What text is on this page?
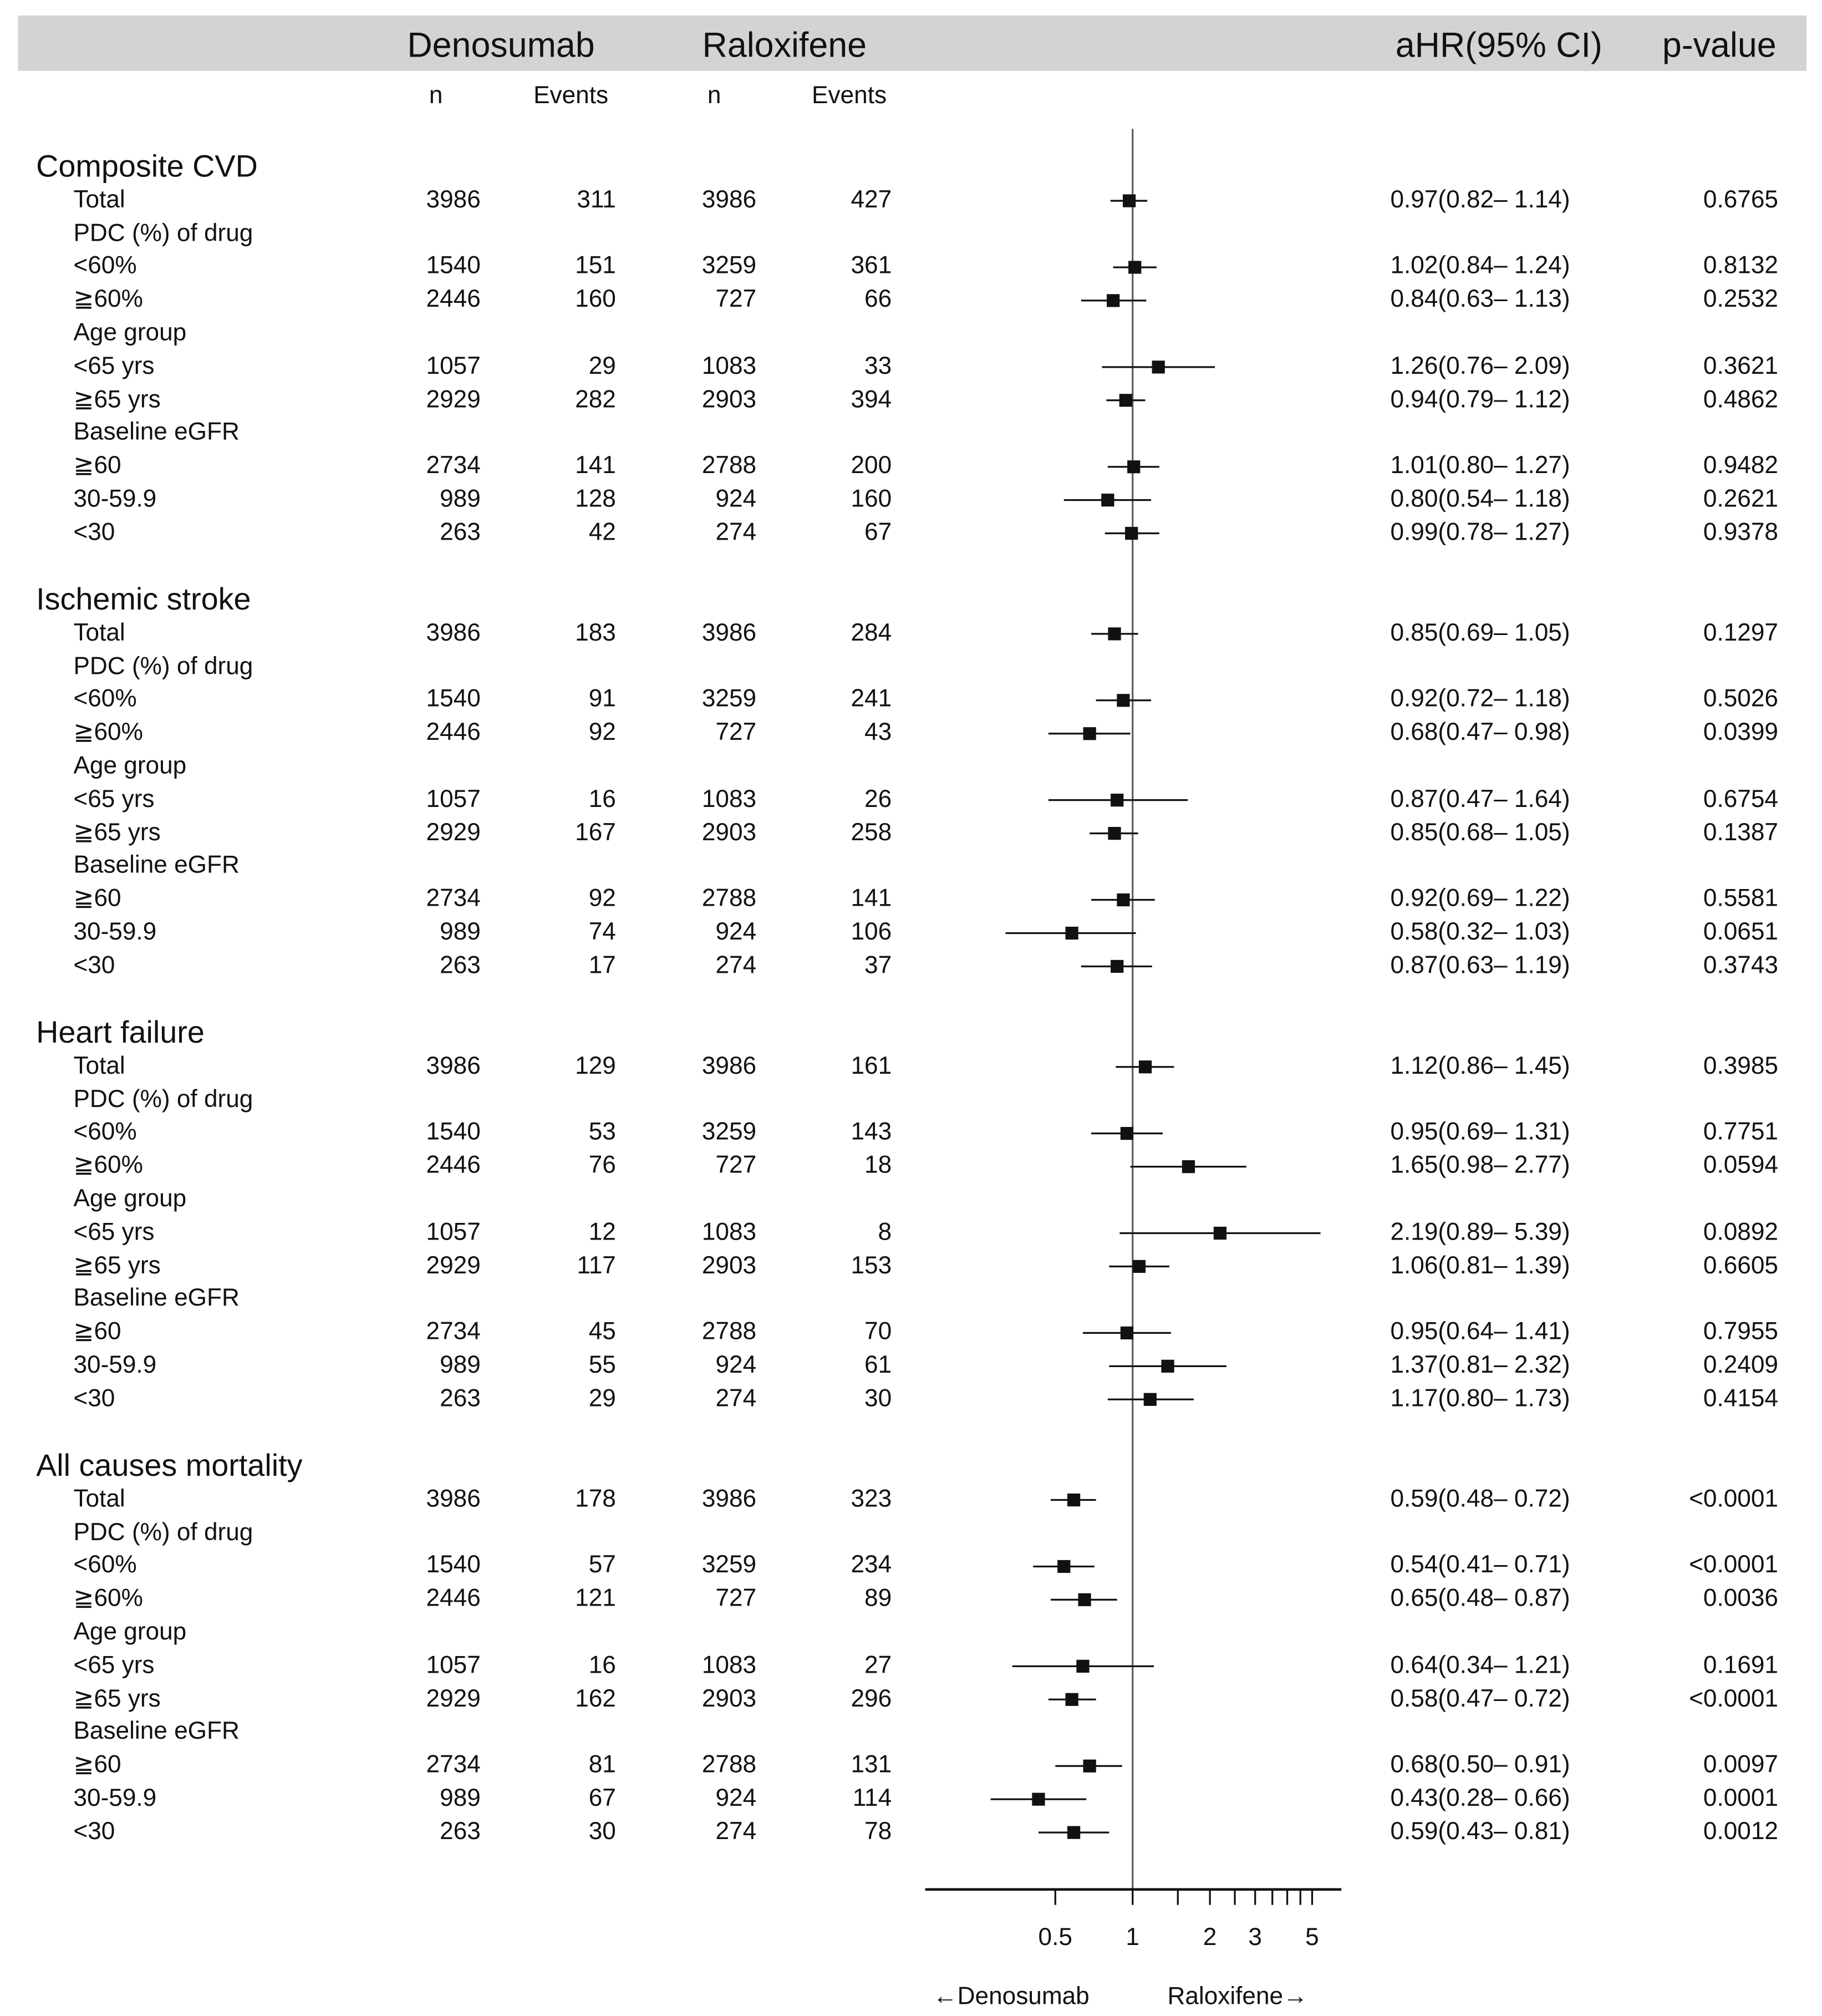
Denosumab	Raloxifene	aHR(95% CI)	p-value
n	Events	n	Events
Composite CVD
Total	3986	311	3986	427	0.97(0.82– 1.14)	0.6765
PDC (%) of drug
<60%	1540	151	3259	361	1.02(0.84– 1.24)	0.8132
≧60%	2446	160	727	66	0.84(0.63– 1.13)	0.2532
Age group
<65 yrs	1057	29	1083	33	1.26(0.76– 2.09)	0.3621
≧65 yrs	2929	282	2903	394	0.94(0.79– 1.12)	0.4862
Baseline eGFR
≧60	2734	141	2788	200	1.01(0.80– 1.27)	0.9482
30-59.9	989	128	924	160	0.80(0.54– 1.18)	0.2621
<30	263	42	274	67	0.99(0.78– 1.27)	0.9378
Ischemic stroke
Total	3986	183	3986	284	0.85(0.69– 1.05)	0.1297
PDC (%) of drug
<60%	1540	91	3259	241	0.92(0.72– 1.18)	0.5026
≧60%	2446	92	727	43	0.68(0.47– 0.98)	0.0399
Age group
<65 yrs	1057	16	1083	26	0.87(0.47– 1.64)	0.6754
≧65 yrs	2929	167	2903	258	0.85(0.68– 1.05)	0.1387
Baseline eGFR
≧60	2734	92	2788	141	0.92(0.69– 1.22)	0.5581
30-59.9	989	74	924	106	0.58(0.32– 1.03)	0.0651
<30	263	17	274	37	0.87(0.63– 1.19)	0.3743
Heart failure
Total	3986	129	3986	161	1.12(0.86– 1.45)	0.3985
PDC (%) of drug
<60%	1540	53	3259	143	0.95(0.69– 1.31)	0.7751
≧60%	2446	76	727	18	1.65(0.98– 2.77)	0.0594
Age group
<65 yrs	1057	12	1083	8	2.19(0.89– 5.39)	0.0892
≧65 yrs	2929	117	2903	153	1.06(0.81– 1.39)	0.6605
Baseline eGFR
≧60	2734	45	2788	70	0.95(0.64– 1.41)	0.7955
30-59.9	989	55	924	61	1.37(0.81– 2.32)	0.2409
<30	263	29	274	30	1.17(0.80– 1.73)	0.4154
All causes mortality
Total	3986	178	3986	323	0.59(0.48– 0.72)	<0.0001
PDC (%) of drug
<60%	1540	57	3259	234	0.54(0.41– 0.71)	<0.0001
≧60%	2446	121	727	89	0.65(0.48– 0.87)	0.0036
Age group
<65 yrs	1057	16	1083	27	0.64(0.34– 1.21)	0.1691
≧65 yrs	2929	162	2903	296	0.58(0.47– 0.72)	<0.0001
Baseline eGFR
≧60	2734	81	2788	131	0.68(0.50– 0.91)	0.0097
30-59.9	989	67	924	114	0.43(0.28– 0.66)	0.0001
<30	263	30	274	78	0.59(0.43– 0.81)	0.0012
0.5	1	2	3	5
←Denosumab	Raloxifene→
